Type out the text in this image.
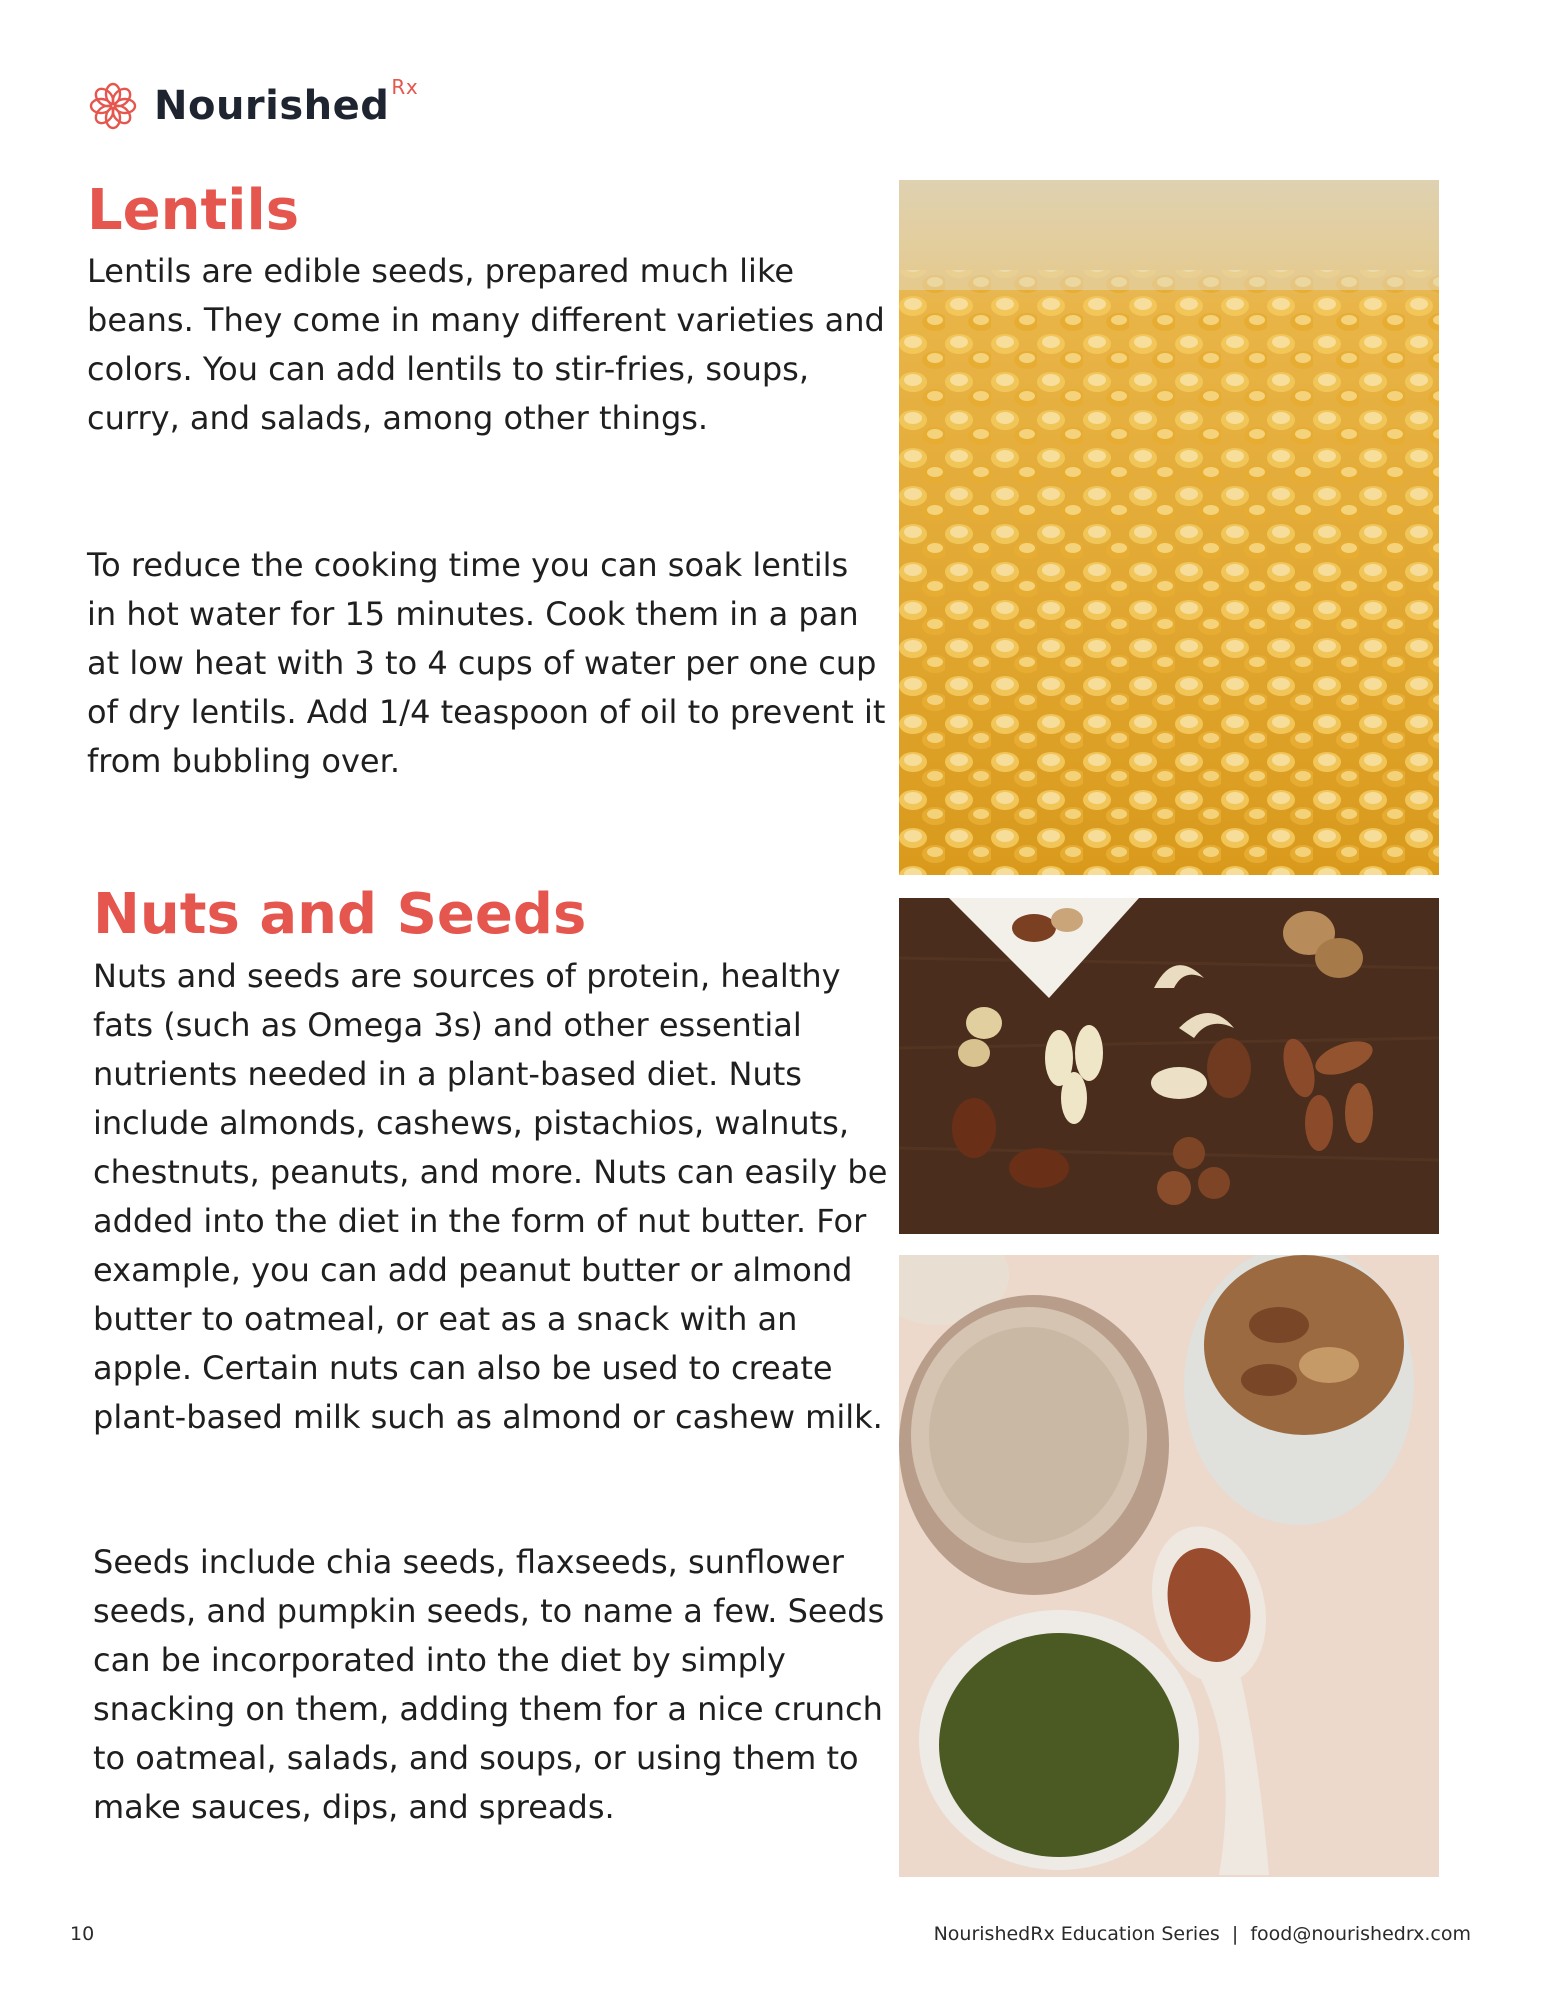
Nourished $^{Rx}$
Lentils

Lentils are edible seeds, prepared much like beans. They come in many different varieties and colors. You can add lentils to stir-fries, soups, curry, and salads, among other things.

To reduce the cooking time you can soak lentils in hot water for 15 minutes. Cook them in a pan at low heat with 3 to 4 cups of water per one cup of dry lentils. Add 1/4 teaspoon of oil to prevent it from bubbling over.

Nuts and Seeds

Nuts and seeds are sources of protein, healthy fats (such as Omega 3s) and other essential nutrients needed in a plant-based diet. Nuts include almonds, cashews, pistachios, walnuts, chestnuts, peanuts, and more. Nuts can easily be added into the diet in the form of nut butter. For example, you can add peanut butter or almond butter to oatmeal, or eat as a snack with an apple. Certain nuts can also be used to create plant-based milk such as almond or cashew milk.

Seeds include chia seeds, flaxseeds, sunflower seeds, and pumpkin seeds, to name a few. Seeds can be incorporated into the diet by simply snacking on them, adding them for a nice crunch to oatmeal, salads, and soups, or using them to make sauces, dips, and spreads.

10	NourishedRx Education Series  |  food@nourishedrx.com
